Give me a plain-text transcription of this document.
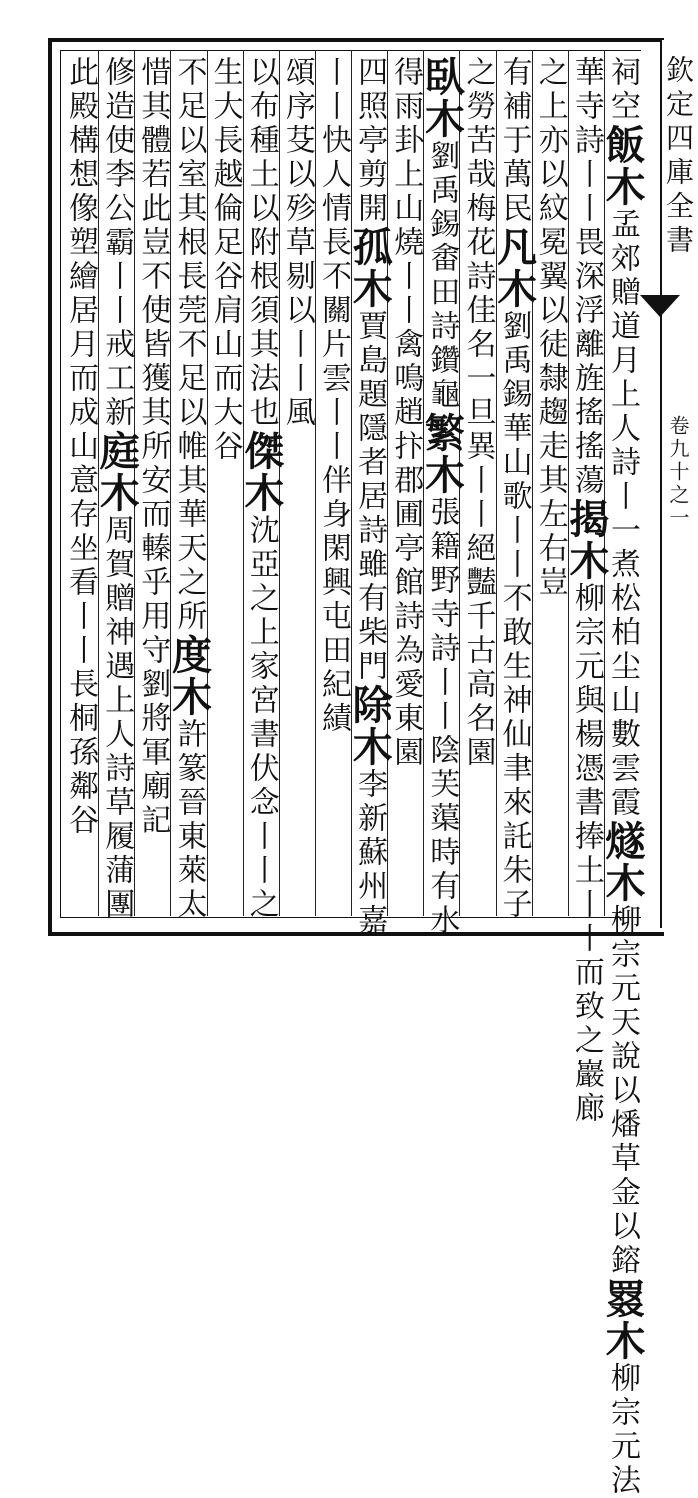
欽定四庫全書
卷九十之一
祠空飯木孟郊贈道月上人詩丨一煮松柏尘山數雲霞燧木柳宗元天說以燔草金以鎔罬木柳宗元法
華寺詩丨丨畏深浮離旌搖搖蕩揭木柳宗元與楊憑書捧土丨丨而致之巖廊
之上亦以紋冕翼以徒隸趨走其左右豈
有補于萬民凡木劉禹錫華山歌丨丨不敢生神仙聿來託朱子
之勞苦哉梅花詩佳名一旦異丨丨絕豔千古高名園
臥木劉禹錫畬田詩鑽龜繁木張籍野寺詩丨丨陰芙蕖時有水
得雨卦上山燒丨丨禽鳴趙抃郡圃亭館詩為愛東園
四照亭剪開孤木賈島題隱者居詩雖有柴門除木李新蘇州嘉
丨丨快人情長不關片雲丨丨伴身閑興屯田紀績
頌序芟以殄草剔以丨丨風
以布種土以附根須其法也傑木沈亞之上家宮書伏念丨丨之
生大長越倫足谷肩山而大谷
不足以室其根長莞不足以帷其華天之所度木許篆晉東萊太
惜其體若此豈不使皆獲其所安而轃乎用守劉將軍廟記
修造使李公霸丨丨戒工新庭木周賀贈神遇上人詩草履蒲團
此殿構想像塑繪居月而成山意存坐看丨丨長桐孫鄰谷
